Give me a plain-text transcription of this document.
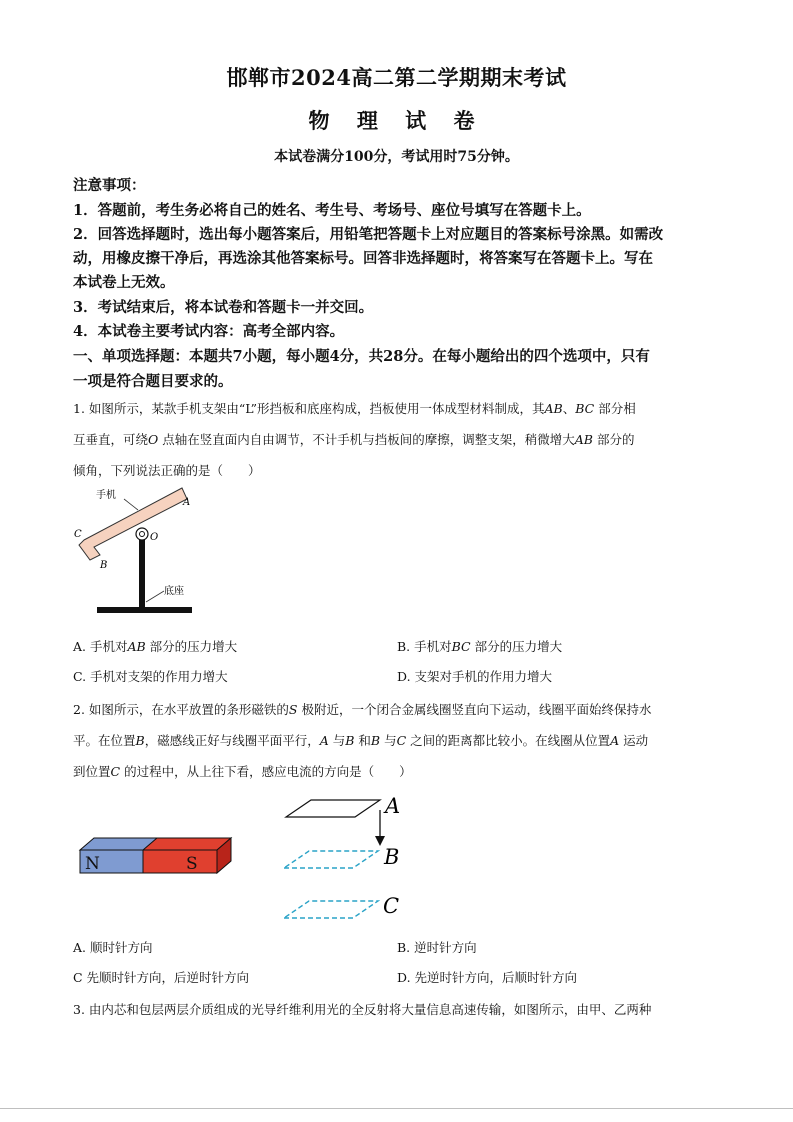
邯郸市2024高二第二学期期末考试
物 理 试 卷
本试卷满分100分，考试用时75分钟。
注意事项：
1．答题前，考生务必将自己的姓名、考生号、考场号、座位号填写在答题卡上。
2．回答选择题时，选出每小题答案后，用铅笔把答题卡上对应题目的答案标号涂黑。如需改
动，用橡皮擦干净后，再选涂其他答案标号。回答非选择题时，将答案写在答题卡上。写在
本试卷上无效。
3．考试结束后，将本试卷和答题卡一并交回。
4．本试卷主要考试内容：高考全部内容。
一、单项选择题：本题共7小题，每小题4分，共28分。在每小题给出的四个选项中，只有
一项是符合题目要求的。
1. 如图所示，某款手机支架由“L”形挡板和底座构成，挡板使用一体成型材料制成，其AB、BC 部分相
互垂直，可绕O 点轴在竖直面内自由调节，不计手机与挡板间的摩擦，调整支架，稍微增大AB 部分的
倾角，下列说法正确的是（　　）
手机
A
C
B
O
底座
A. 手机对AB 部分的压力增大	B. 手机对BC 部分的压力增大
C. 手机对支架的作用力增大	D. 支架对手机的作用力增大
2. 如图所示，在水平放置的条形磁铁的S 极附近，一个闭合金属线圈竖直向下运动，线圈平面始终保持水
平。在位置B，磁感线正好与线圈平面平行，A 与B 和B 与C 之间的距离都比较小。在线圈从位置A 运动
到位置C 的过程中，从上往下看，感应电流的方向是（　　）
N	S
A
B
C
A. 顺时针方向	B. 逆时针方向
C 先顺时针方向，后逆时针方向	D. 先逆时针方向，后顺时针方向
3. 由内芯和包层两层介质组成的光导纤维利用光的全反射将大量信息高速传输，如图所示，由甲、乙两种
